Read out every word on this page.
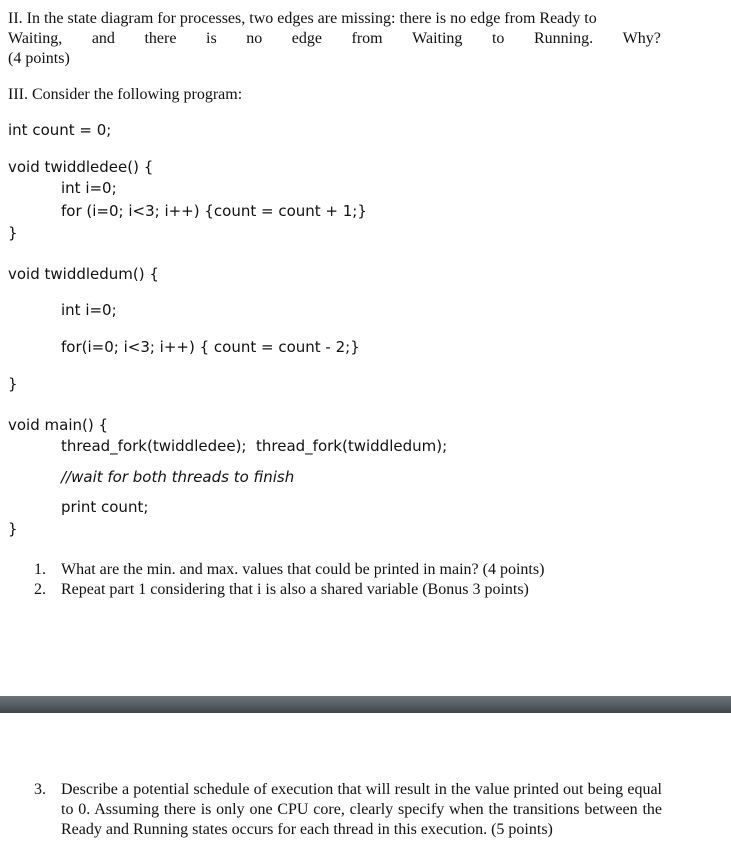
II. In the state diagram for processes, two edges are missing: there is no edge from Ready to
Waiting, and there is no edge from Waiting to Running. Why?
(4 points)
III. Consider the following program:
int count = 0;
void twiddledee() {
int i=0;
for (i=0; i<3; i++) {count = count + 1;}
}
void twiddledum() {
int i=0;
for(i=0; i<3; i++) { count = count - 2;}
}
void main() {
thread_fork(twiddledee);  thread_fork(twiddledum);
//wait for both threads to finish
print count;
}
1. What are the min. and max. values that could be printed in main? (4 points)
2. Repeat part 1 considering that i is also a shared variable (Bonus 3 points)
3. Describe a potential schedule of execution that will result in the value printed out being equal to 0. Assuming there is only one CPU core, clearly specify when the transitions between the Ready and Running states occurs for each thread in this execution. (5 points)
